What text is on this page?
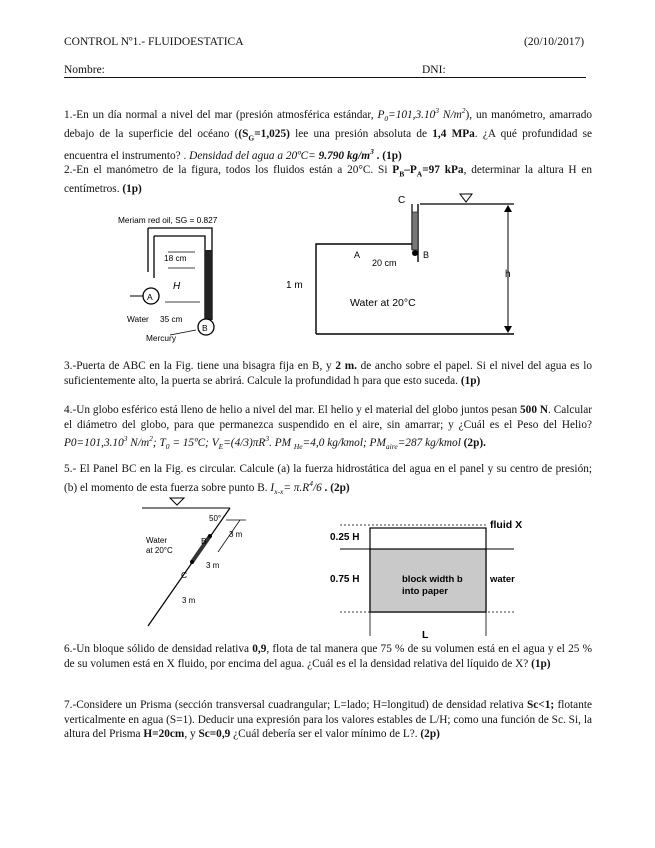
CONTROL Nº1.- FLUIDOESTATICA	(20/10/2017)
Nombre:	DNI:
1.-En un día normal a nivel del mar (presión atmosférica estándar, $P_0=101,3.10^3$ $N/m^2$), un manómetro, amarrado debajo de la superficie del océano ($(S_G=1,025)$ lee una presión absoluta de 1,4 MPa. ¿A qué profundidad se encuentra el instrumento? . Densidad del agua a 20ºC= 9.790 $kg/m^3$ . (1p)
2.-En el manómetro de la figura, todos los fluidos están a 20°C. Si $P_B-P_A=97$ kPa, determinar la altura H en centímetros. (1p)
3.-Puerta de ABC en la Fig. tiene una bisagra fija en B, y 2 m. de ancho sobre el papel. Si el nivel del agua es lo suficientemente alto, la puerta se abrirá. Calcule la profundidad h para que esto suceda. (1p)
4.-Un globo esférico está lleno de helio a nivel del mar. El helio y el material del globo juntos pesan 500 N. Calcular el diámetro del globo, para que permanezca suspendido en el aire, sin amarrar; y ¿Cuál es el Peso del Helio? $P0=101,3.10^3$ $N/m^2$; $T_0$ = 15ºC; $V_E=(4/3)\pi R^3$. PM $_{He}$=4,0 kg/kmol; $PM_{aire}=287$ kg/kmol (2p).
5.- El Panel BC en la Fig. es circular. Calcule (a) la fuerza hidrostática del agua en el panel y su centro de presión; (b) el momento de esta fuerza sobre punto B. $I_{x-x}= \pi.R^4/6$ . (2p)
6.-Un bloque sólido de densidad relativa 0,9, flota de tal manera que 75 % de su volumen está en el agua y el 25 % de su volumen está en X fluido, por encima del agua. ¿Cuál es el la densidad relativa del líquido de X? (1p)
7.-Considere un Prisma (sección transversal cuadrangular; L=lado; H=longitud) de densidad relativa Sc<1; flotante verticalmente en agua (S=1). Deducir una expresión para los valores estables de L/H; como una función de Sc. Si, la altura del Prisma H=20cm, y Sc=0,9 ¿Cuál debería ser el valor mínimo de L?. (2p)
Meriam red oil, SG = 0.827
18 cm
H
A
Water 35 cm
B
Mercury
C
A
20 cm
B
1 m
Water at 20°C
h
50°
B
C
Water
at 20°C
3 m
3 m
3 m
fluid X
0.25 H
0.75 H	block width b
into paper
water
L
